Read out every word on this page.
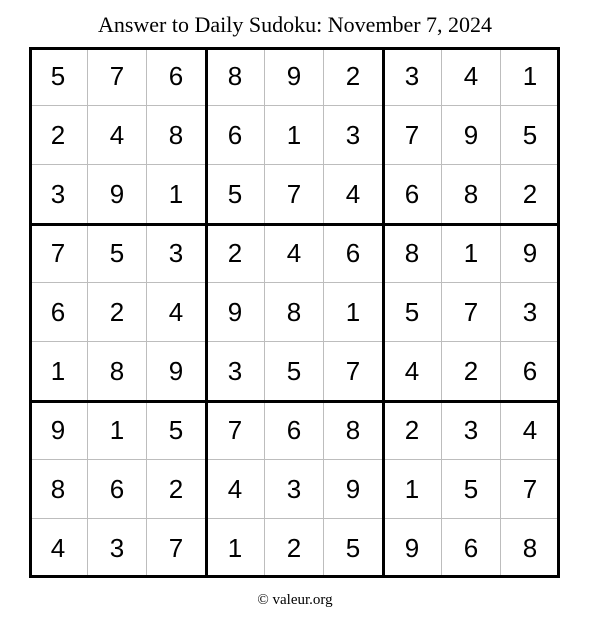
Answer to Daily Sudoku: November 7, 2024
5	7	6	8	9	2	3	4	1
2	4	8	6	1	3	7	9	5
3	9	1	5	7	4	6	8	2
7	5	3	2	4	6	8	1	9
6	2	4	9	8	1	5	7	3
1	8	9	3	5	7	4	2	6
9	1	5	7	6	8	2	3	4
8	6	2	4	3	9	1	5	7
4	3	7	1	2	5	9	6	8
© valeur.org
